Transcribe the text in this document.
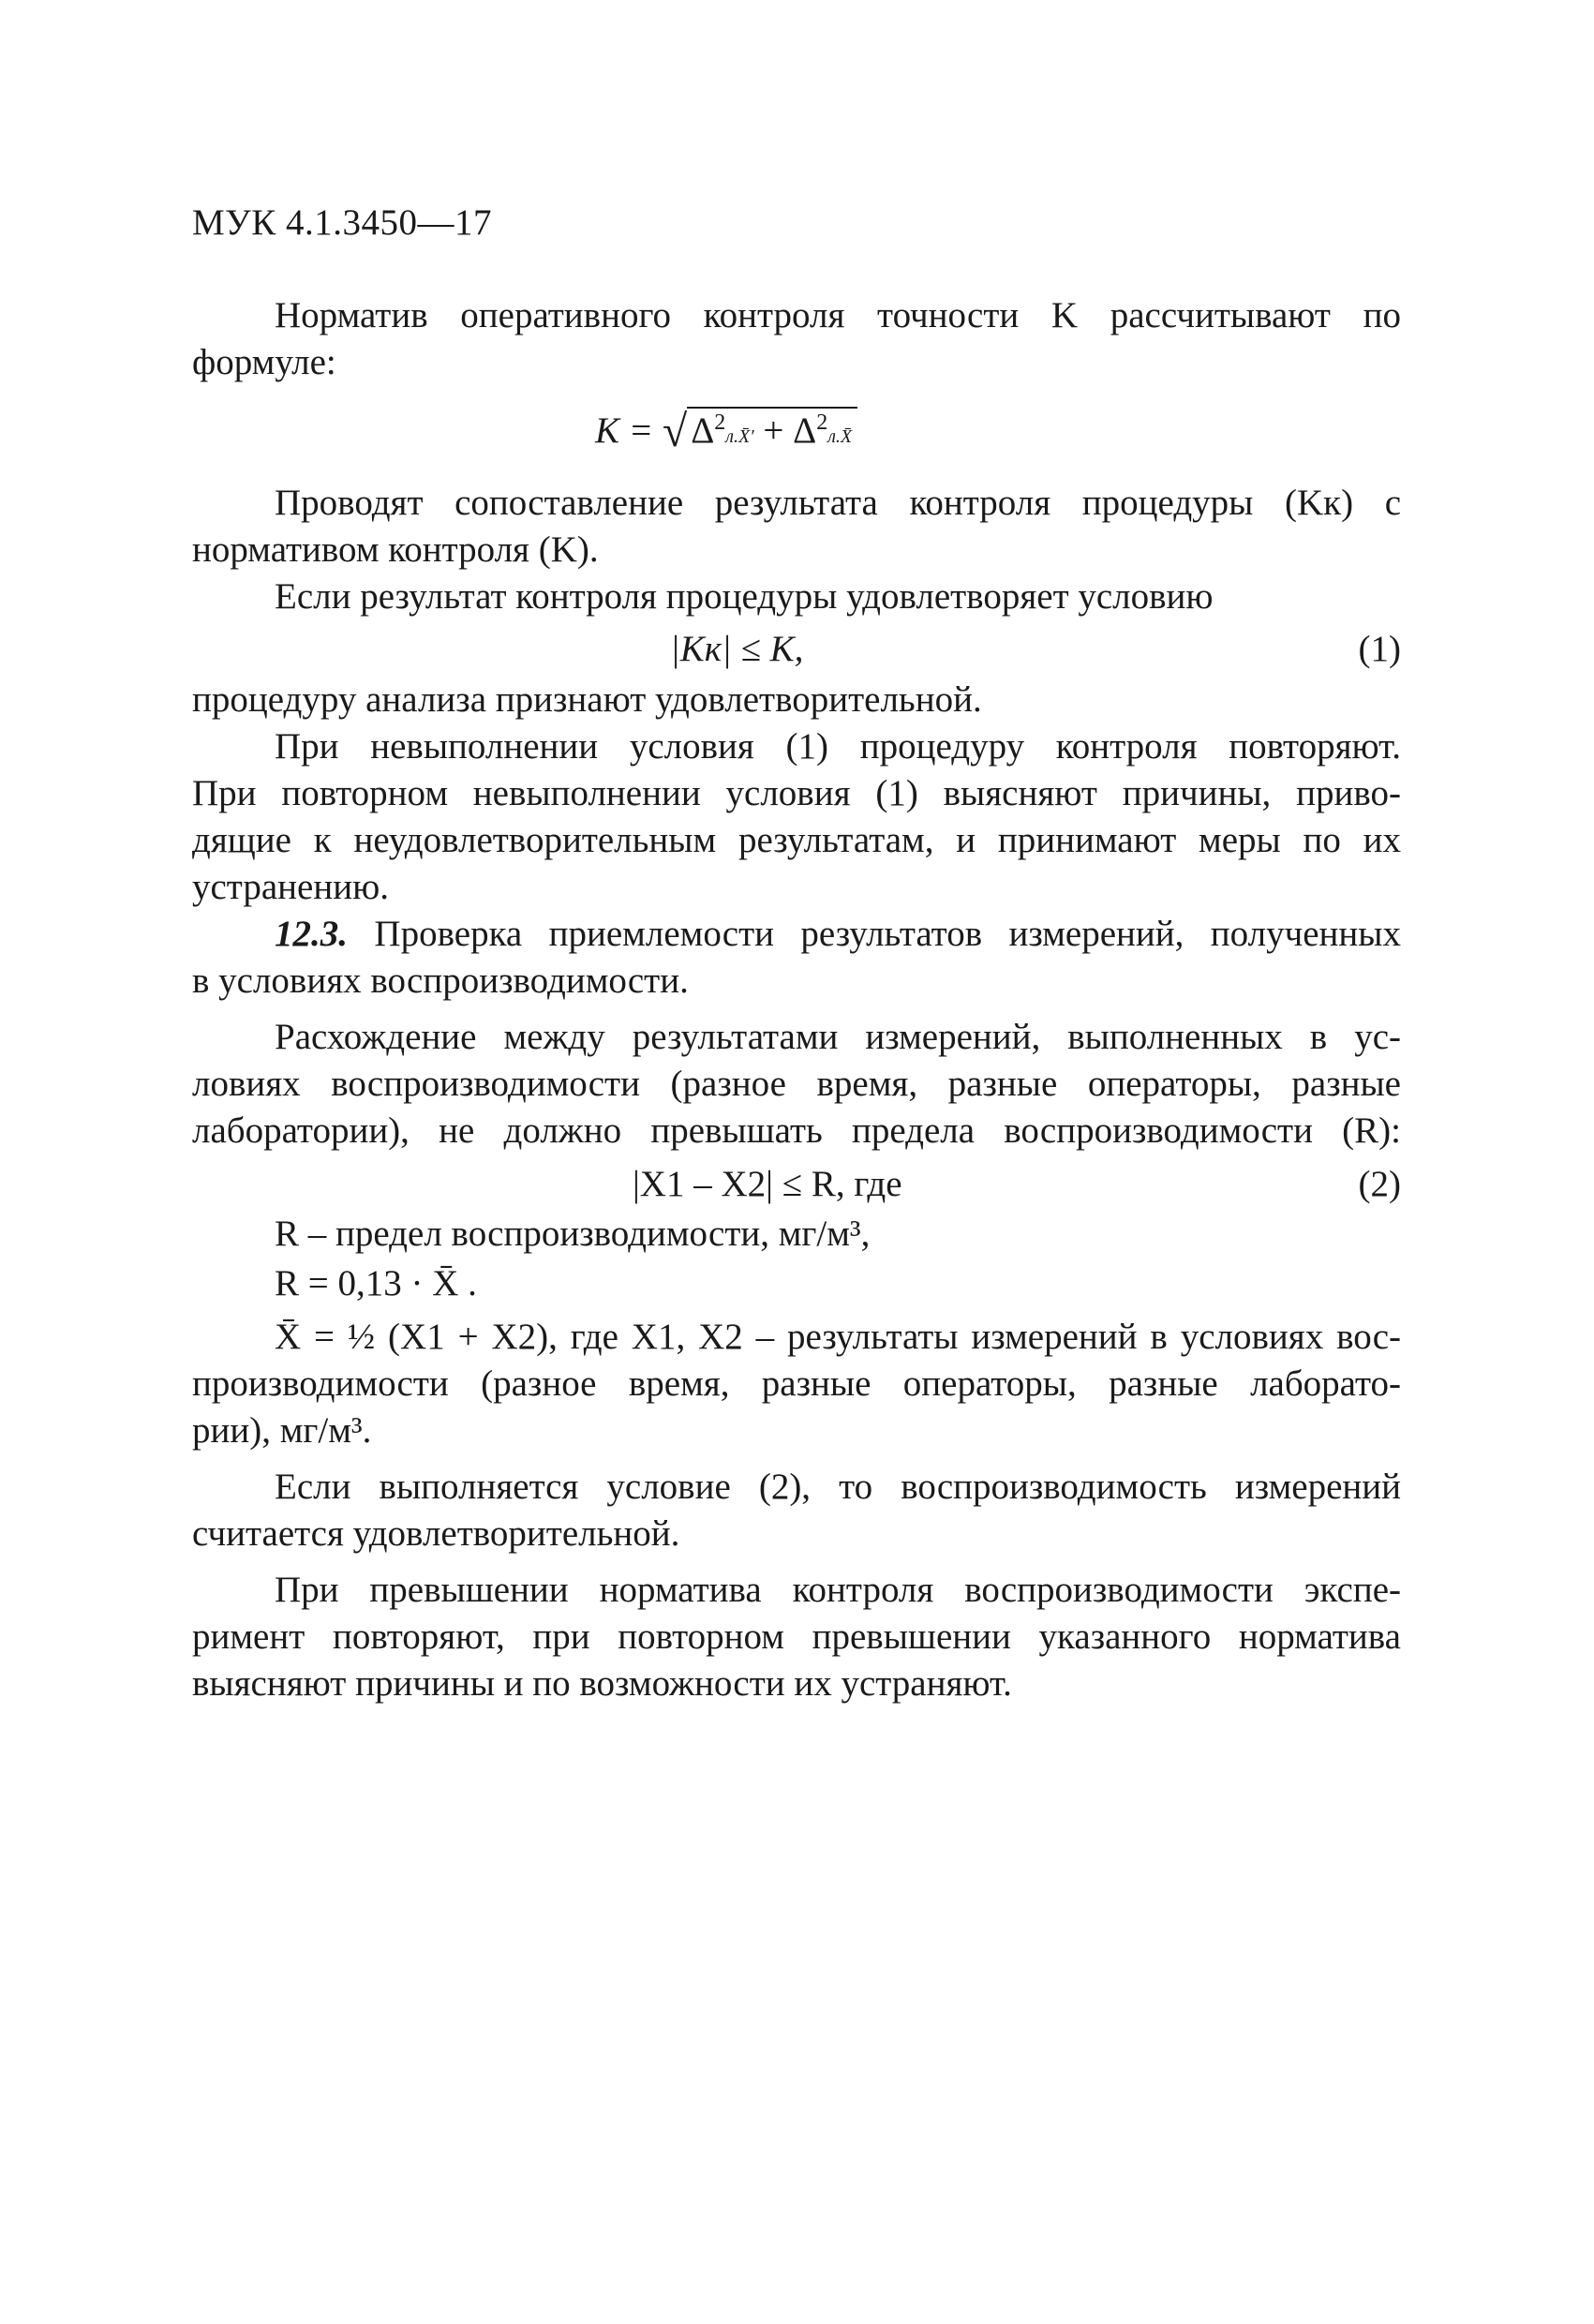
МУК 4.1.3450—17
Норматив оперативного контроля точности K рассчитывают по
формуле:
K = √ $\Delta^2л.X̄'$ + $\Delta^2л.X̄$
Проводят сопоставление результата контроля процедуры (Kк) с
нормативом контроля (K).
Если результат контроля процедуры удовлетворяет условию
|Kк| ≤ K,	(1)
процедуру анализа признают удовлетворительной.
При невыполнении условия (1) процедуру контроля повторяют.
При повторном невыполнении условия (1) выясняют причины, приво-
дящие к неудовлетворительным результатам, и принимают меры по их
устранению.
12.3. Проверка приемлемости результатов измерений, полученных
в условиях воспроизводимости.
Расхождение между результатами измерений, выполненных в ус-
ловиях воспроизводимости (разное время, разные операторы, разные
лаборатории), не должно превышать предела воспроизводимости (R):
|X1 – X2| ≤ R, где	(2)
R – предел воспроизводимости, мг/м³,
R = 0,13 · X̄ .
X̄ = ½ (X1 + X2), где X1, X2 – результаты измерений в условиях вос-
производимости (разное время, разные операторы, разные лаборато-
рии), мг/м³.
Если выполняется условие (2), то воспроизводимость измерений
считается удовлетворительной.
При превышении норматива контроля воспроизводимости экспе-
римент повторяют, при повторном превышении указанного норматива
выясняют причины и по возможности их устраняют.
